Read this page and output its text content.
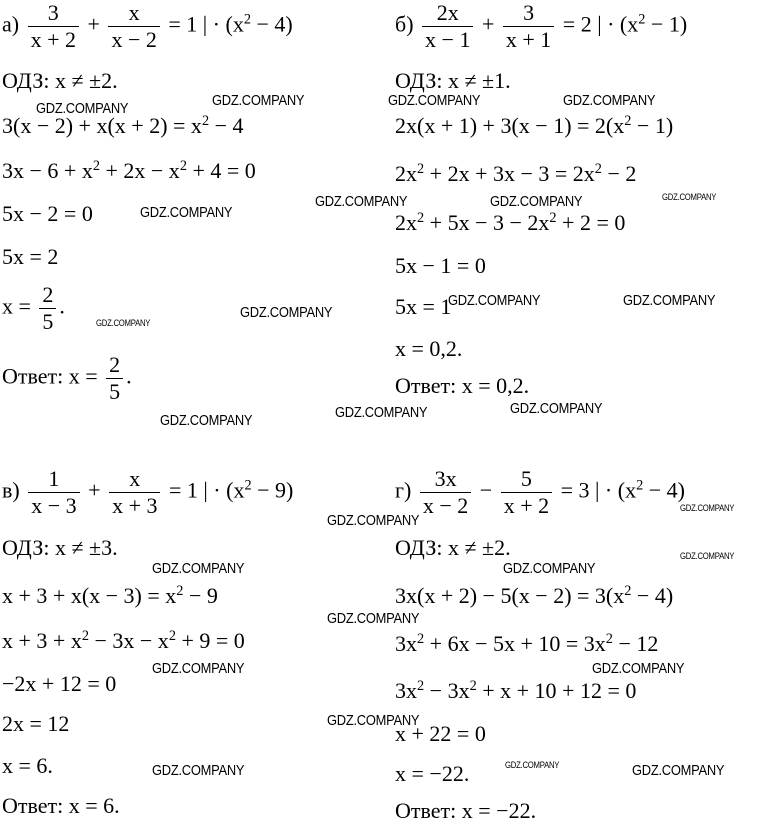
$а) \frac{3}{x + 2} + \frac{x}{x - 2} = 1$ | · $(x^2 - 4)$
ОДЗ: x ≠ ±2.
$3(x - 2) + x(x + 2) = x^2 - 4$
$3x - 6 + x^2 + 2x - x^2 + 4 = 0$
5x − 2 = 0
5x = 2
$x = \frac{2}{5}$ .
Ответ: $x = \frac{2}{5}$ .
$б) \frac{2x}{x - 1} + \frac{3}{x + 1} = 2$ | · $(x^2 - 1)$
ОДЗ: x ≠ ±1.
$2x(x + 1) + 3(x - 1) = 2(x^2 - 1)$
$2x^2 + 2x + 3x - 3 = 2x^2 - 2$
$2x^2 + 5x - 3 - 2x^2 + 2 = 0$
5x − 1 = 0
5x = 1
x = 0,2.
Ответ: x = 0,2.
$в) \frac{1}{x - 3} + \frac{x}{x + 3} = 1$ | · $(x^2 - 9)$
ОДЗ: x ≠ ±3.
$x + 3 + x(x - 3) = x^2 - 9$
$x + 3 + x^2 - 3x - x^2 + 9 = 0$
−2x + 12 = 0
2x = 12
x = 6.
Ответ: x = 6.
$г) \frac{3x}{x - 2} - \frac{5}{x + 2} = 3$ | · $(x^2 - 4)$
ОДЗ: x ≠ ±2.
$3x(x + 2) - 5(x - 2) = 3(x^2 - 4)$
$3x^2 + 6x - 5x + 10 = 3x^2 - 12$
$3x^2 - 3x^2 + x + 10 + 12 = 0$
x + 22 = 0
x = −22.
Ответ: x = −22.
GDZ.COMPANY	GDZ.COMPANY	GDZ.COMPANY	GDZ.COMPANY
GDZ.COMPANY	GDZ.COMPANY	GDZ.COMPANY
GDZ.COMPANY
GDZ.COMPANY	GDZ.COMPANY
GDZ.COMPANY
GDZ.COMPANY
GDZ.COMPANY	GDZ.COMPANY
GDZ.COMPANY
GDZ.COMPANY
GDZ.COMPANY
GDZ.COMPANY	GDZ.COMPANY
GDZ.COMPANY
GDZ.COMPANY
GDZ.COMPANY	GDZ.COMPANY
GDZ.COMPANY
GDZ.COMPANY	GDZ.COMPANY	GDZ.COMPANY
